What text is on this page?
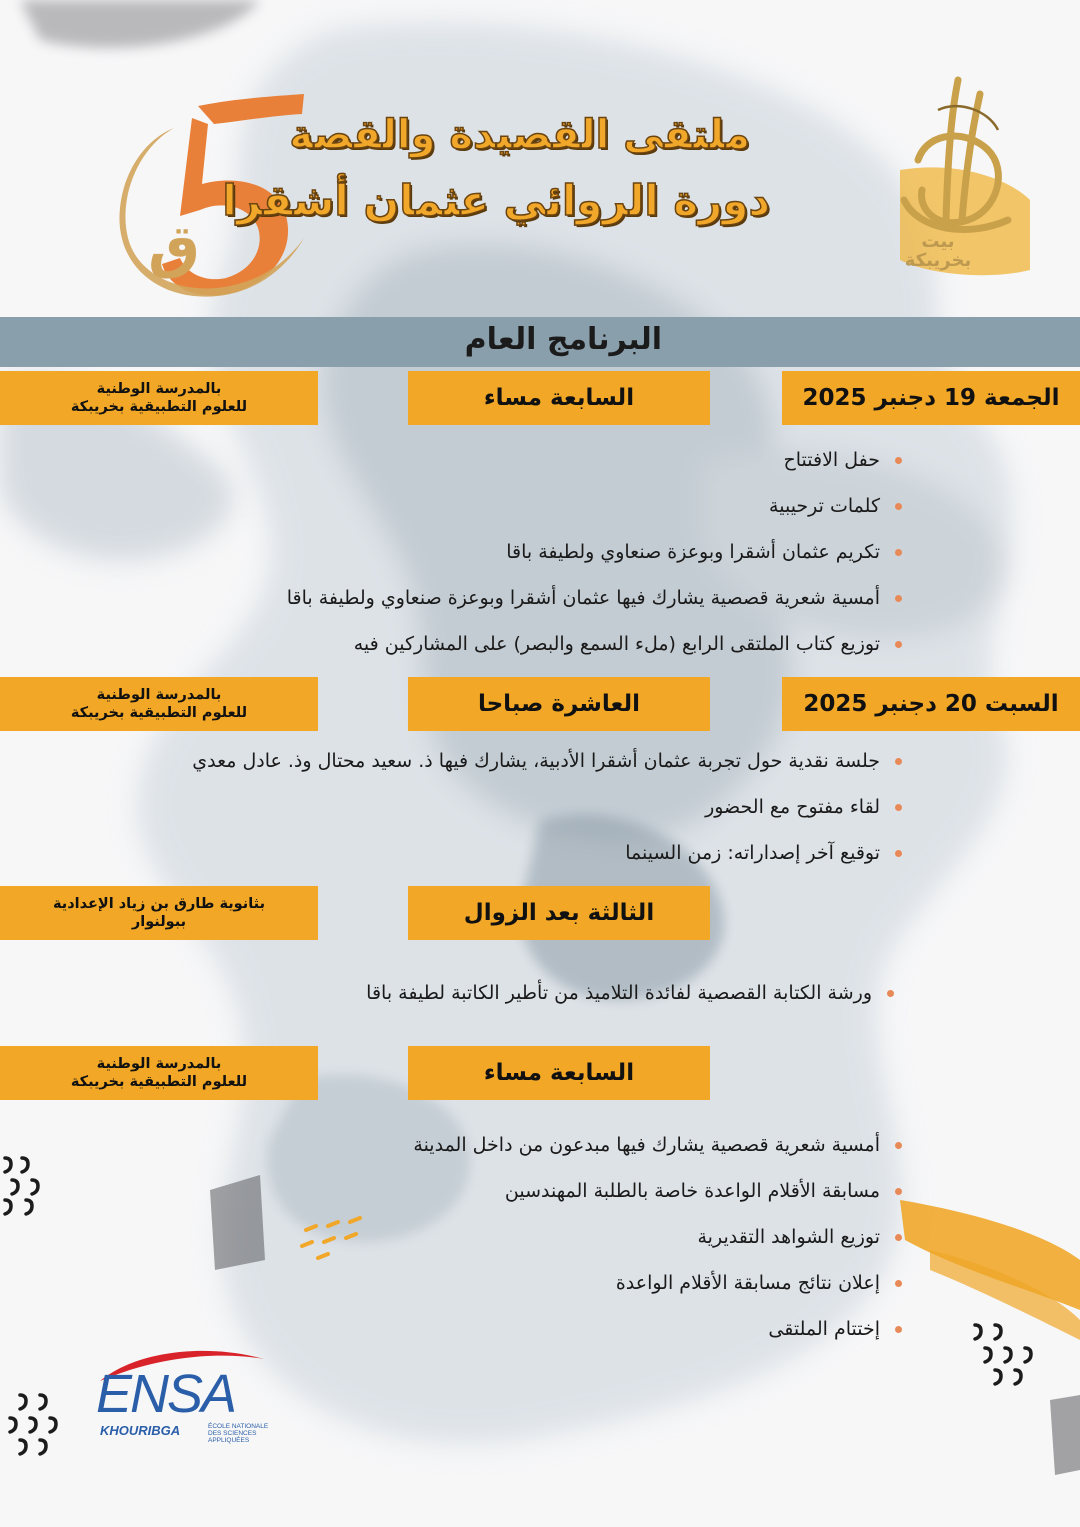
ق	بيت بخريبكة
ملتقى القصيدة والقصة
دورة الروائي عثمان أشقرا
البرنامج العام
الجمعة 19 دجنبر 2025
السابعة مساء
بالمدرسة الوطنية
للعلوم التطبيقية بخريبكة
حفل الافتتاح
كلمات ترحيبية
تكريم عثمان أشقرا وبوعزة صنعاوي ولطيفة باقا
أمسية شعرية قصصية يشارك فيها عثمان أشقرا وبوعزة صنعاوي ولطيفة باقا
توزيع كتاب الملتقى الرابع (ملء السمع والبصر) على المشاركين فيه
السبت 20 دجنبر 2025
العاشرة صباحا
بالمدرسة الوطنية
للعلوم التطبيقية بخريبكة
جلسة نقدية حول تجربة عثمان أشقرا الأدبية، يشارك فيها ذ. سعيد محتال وذ. عادل معدي
لقاء مفتوح مع الحضور
توقيع آخر إصداراته: زمن السينما
الثالثة بعد الزوال
بثانوية طارق بن زياد الإعدادية
ببولنوار
ورشة الكتابة القصصية لفائدة التلاميذ من تأطير الكاتبة لطيفة باقا
السابعة مساء
بالمدرسة الوطنية
للعلوم التطبيقية بخريبكة
أمسية شعرية قصصية يشارك فيها مبدعون من داخل المدينة
مسابقة الأقلام الواعدة خاصة بالطلبة المهندسين
توزيع الشواهد التقديرية
إعلان نتائج مسابقة الأقلام الواعدة
إختتام الملتقى
ENSA
KHOURIBGA	ÉCOLE NATIONALE DES SCIENCES APPLIQUÉES
